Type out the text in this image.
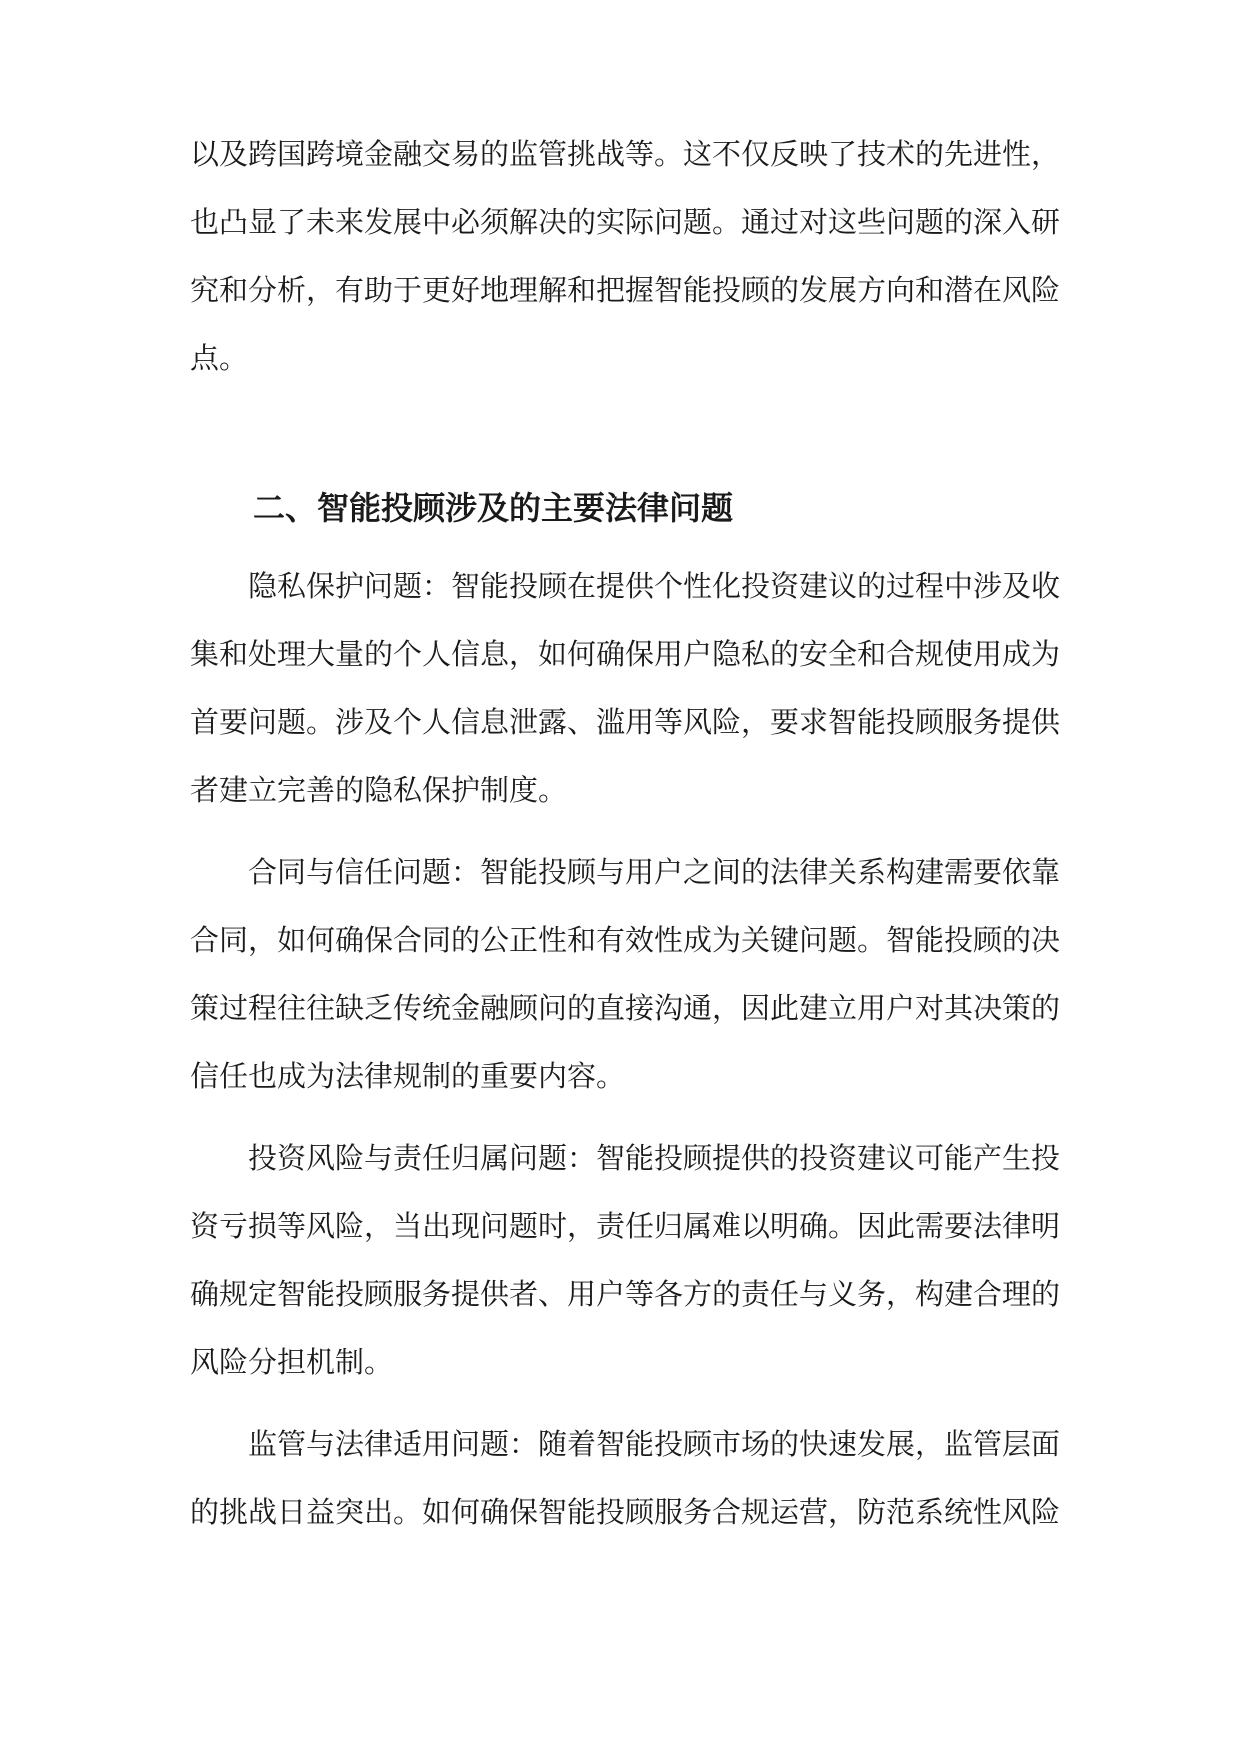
以及跨国跨境金融交易的监管挑战等。这不仅反映了技术的先进性，
也凸显了未来发展中必须解决的实际问题。通过对这些问题的深入研
究和分析，有助于更好地理解和把握智能投顾的发展方向和潜在风险
点。
二、智能投顾涉及的主要法律问题
隐私保护问题：智能投顾在提供个性化投资建议的过程中涉及收
集和处理大量的个人信息，如何确保用户隐私的安全和合规使用成为
首要问题。涉及个人信息泄露、滥用等风险，要求智能投顾服务提供
者建立完善的隐私保护制度。
合同与信任问题：智能投顾与用户之间的法律关系构建需要依靠
合同，如何确保合同的公正性和有效性成为关键问题。智能投顾的决
策过程往往缺乏传统金融顾问的直接沟通，因此建立用户对其决策的
信任也成为法律规制的重要内容。
投资风险与责任归属问题：智能投顾提供的投资建议可能产生投
资亏损等风险，当出现问题时，责任归属难以明确。因此需要法律明
确规定智能投顾服务提供者、用户等各方的责任与义务，构建合理的
风险分担机制。
监管与法律适用问题：随着智能投顾市场的快速发展，监管层面
的挑战日益突出。如何确保智能投顾服务合规运营，防范系统性风险
